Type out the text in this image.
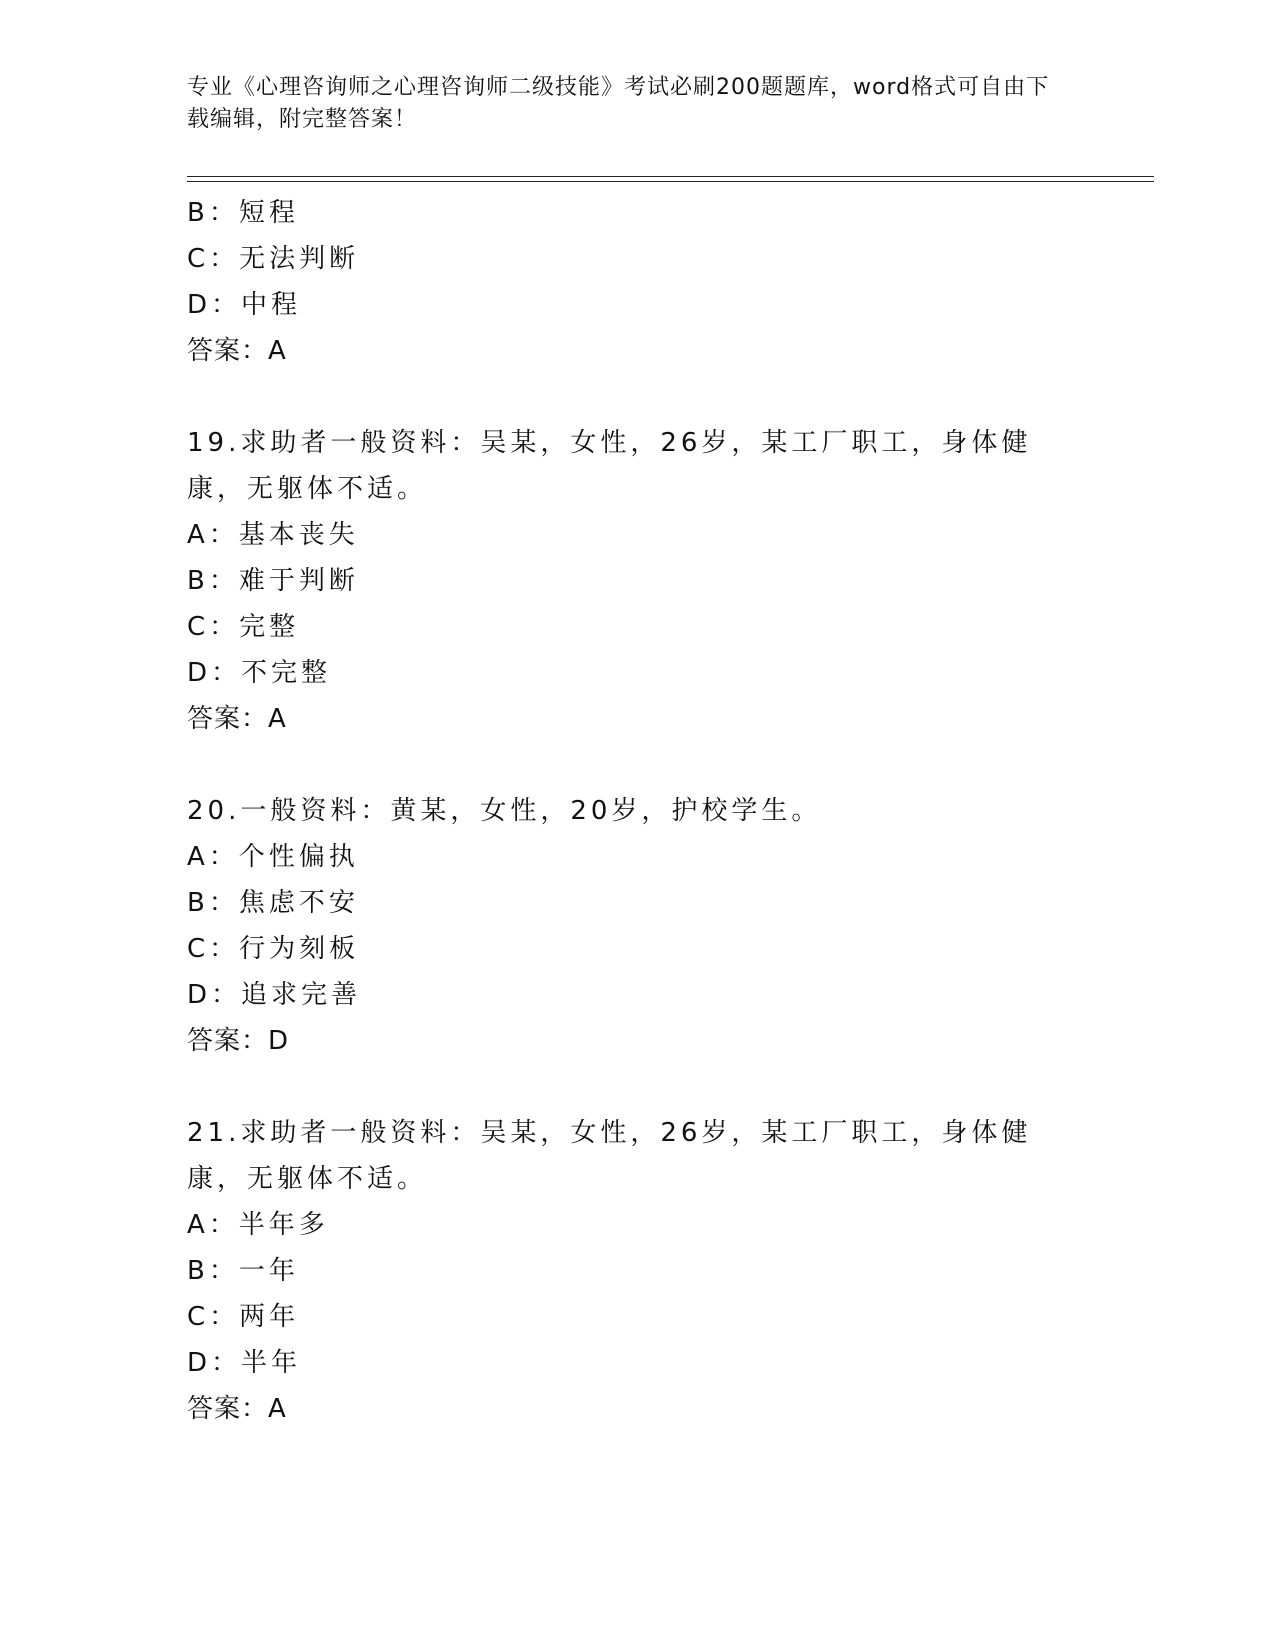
专业《心理咨询师之心理咨询师二级技能》考试必刷200题题库，word格式可自由下载编辑，附完整答案！
B：短程
C：无法判断
D：中程
答案：A
19.求助者一般资料：吴某，女性，26岁，某工厂职工，身体健康，无躯体不适。
A：基本丧失
B：难于判断
C：完整
D：不完整
答案：A
20.一般资料：黄某，女性，20岁，护校学生。
A：个性偏执
B：焦虑不安
C：行为刻板
D：追求完善
答案：D
21.求助者一般资料：吴某，女性，26岁，某工厂职工，身体健康，无躯体不适。
A：半年多
B：一年
C：两年
D：半年
答案：A
